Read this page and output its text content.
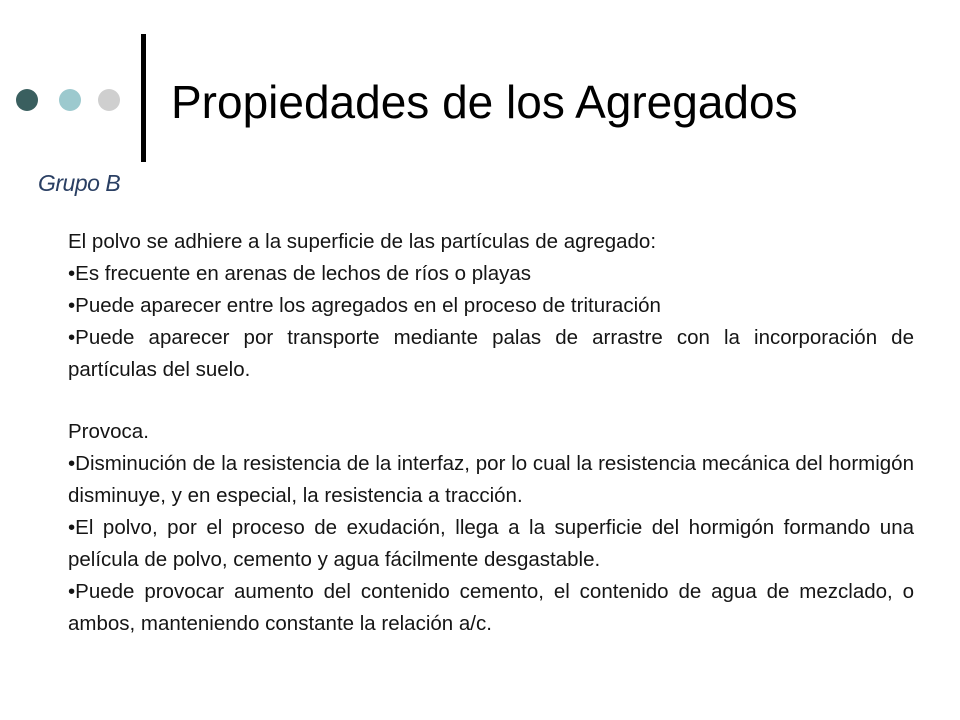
Propiedades de los Agregados
Grupo B

El polvo se adhiere a la superficie de las partículas de agregado:

•Es frecuente en arenas de lechos de ríos o playas

•Puede aparecer entre los agregados en el proceso de trituración

•Puede aparecer por transporte mediante palas de arrastre con la incorporación de partículas del suelo.

Provoca.

•Disminución de la resistencia de la interfaz, por lo cual la resistencia mecánica del hormigón disminuye, y en especial, la resistencia a tracción.

•El polvo, por el proceso de exudación, llega a la superficie del hormigón formando una película de polvo, cemento y agua fácilmente desgastable.

•Puede provocar aumento del contenido cemento, el contenido de agua de mezclado, o ambos, manteniendo constante la relación a/c.
